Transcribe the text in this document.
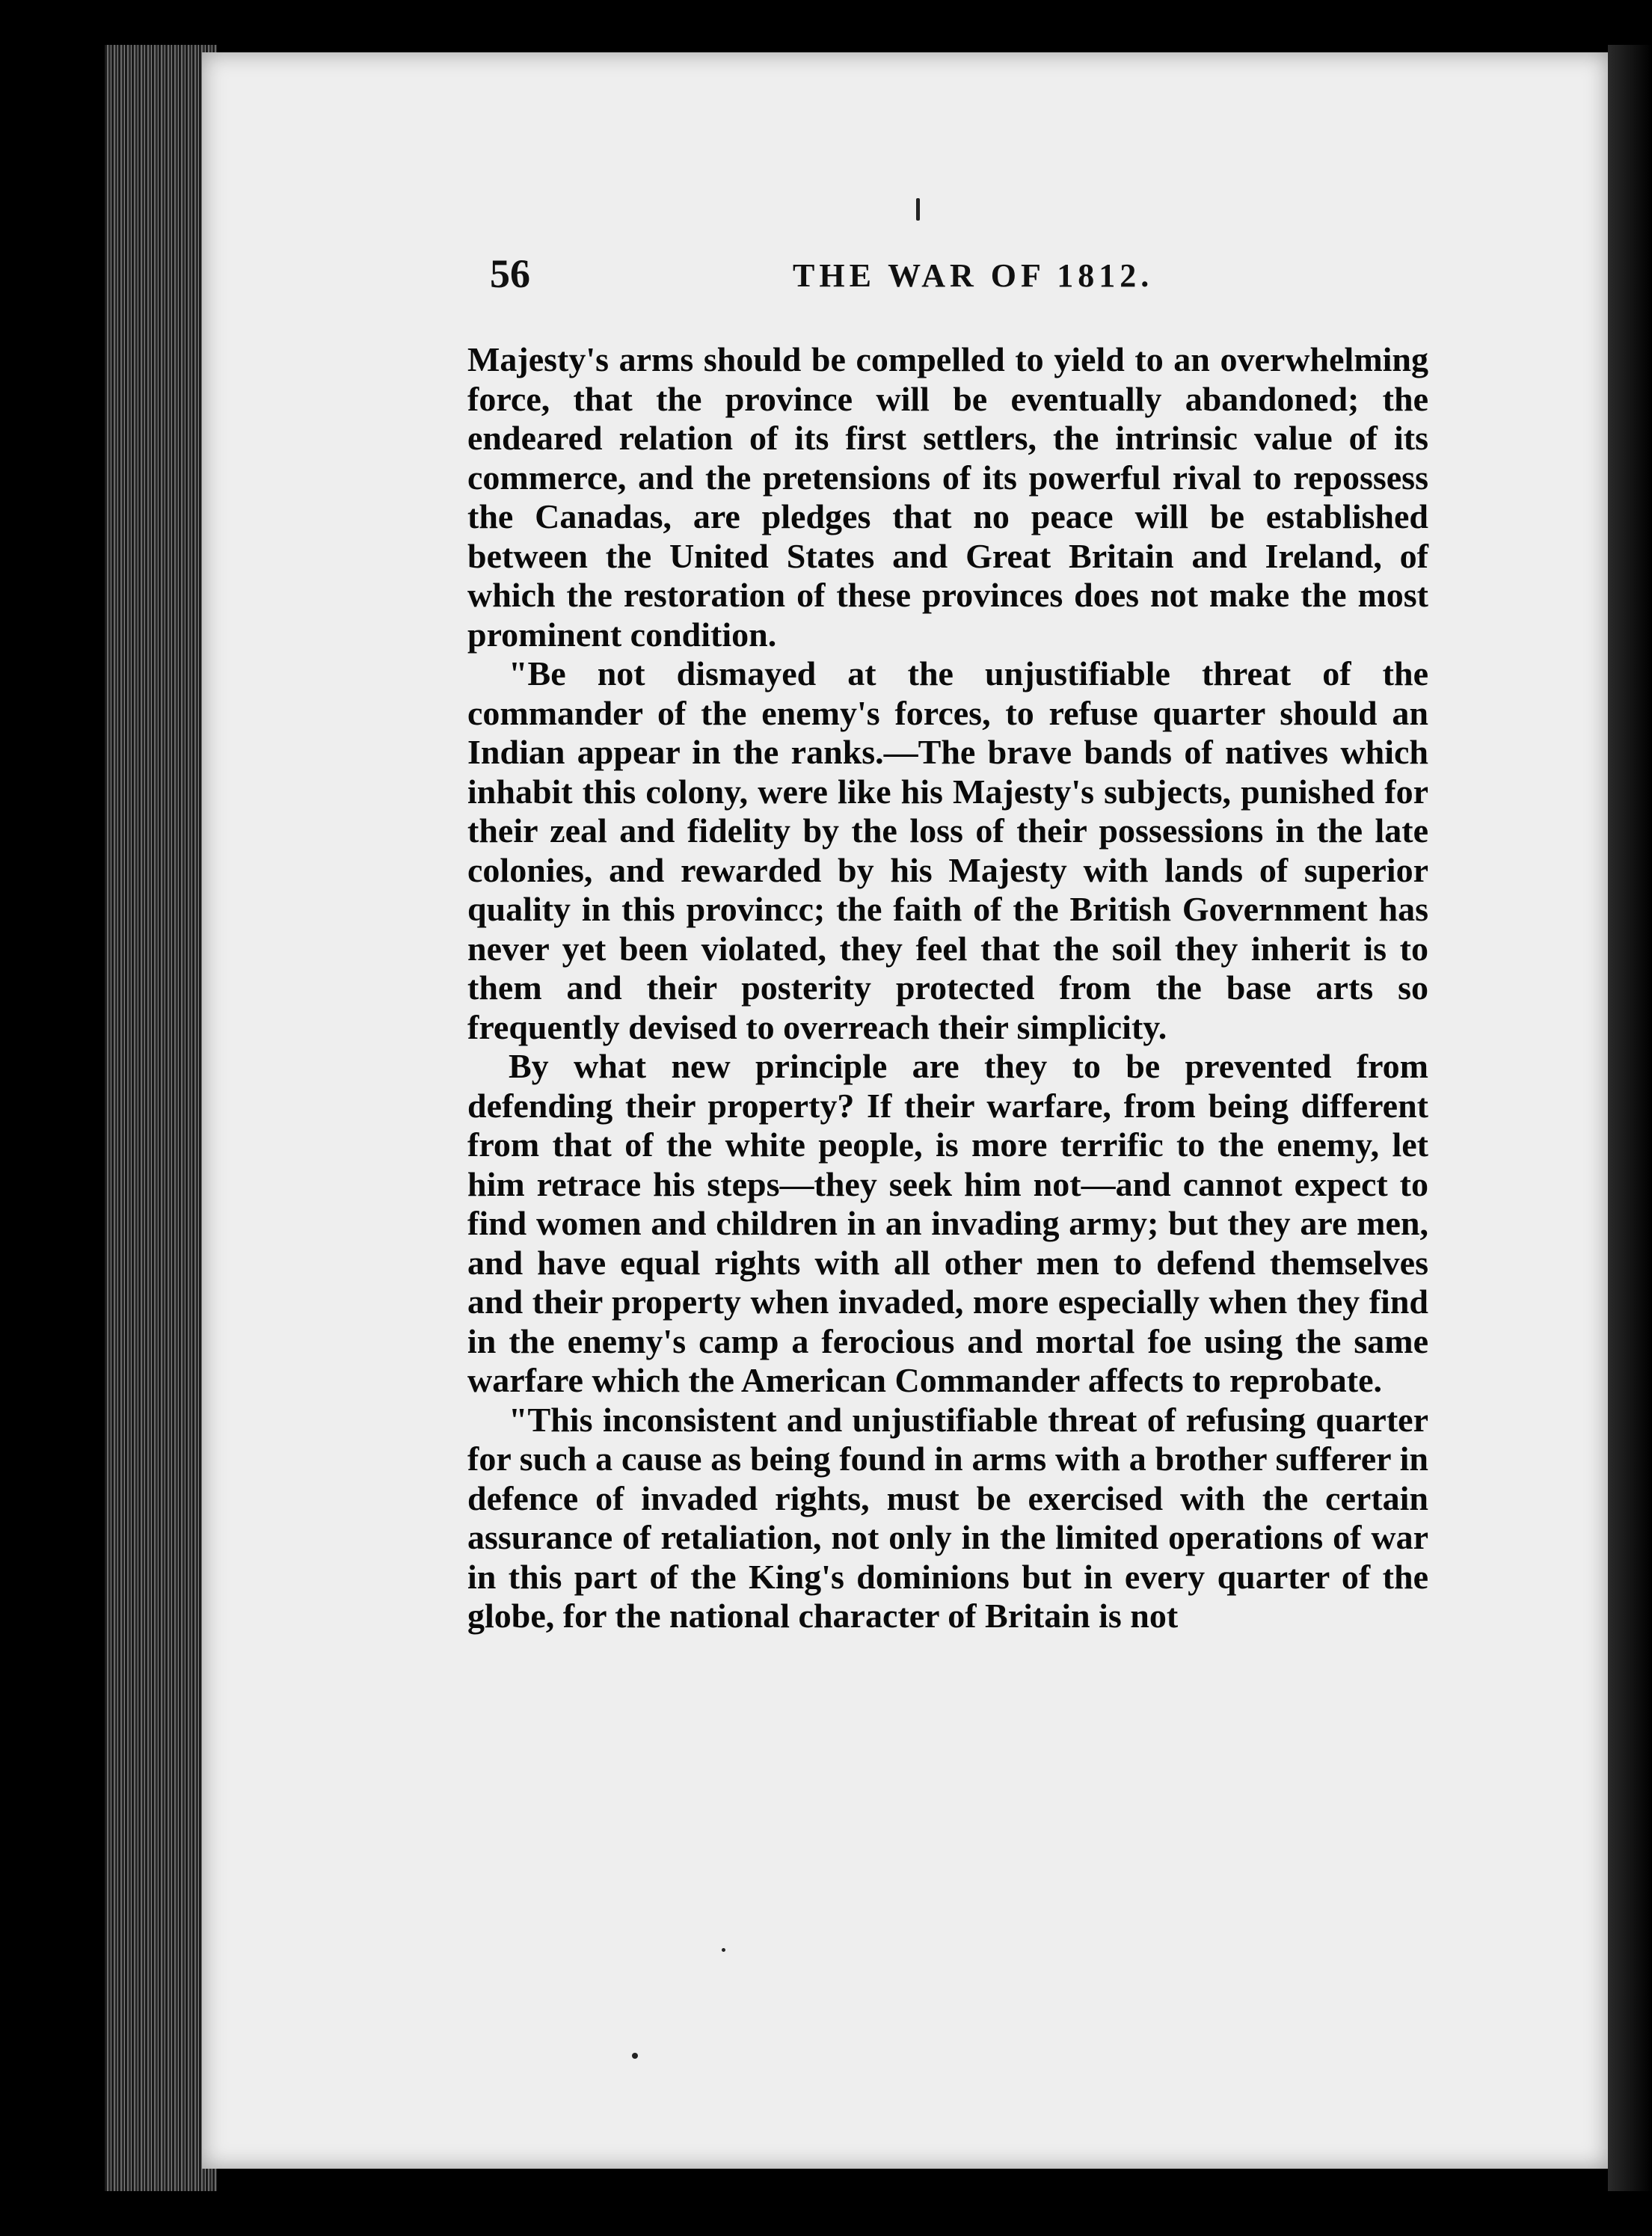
56	THE WAR OF 1812.

Majesty's arms should be compelled to yield to an overwhelming force, that the province will be eventually abandoned; the endeared relation of its first settlers, the intrinsic value of its commerce, and the pretensions of its powerful rival to repossess the Canadas, are pledges that no peace will be established between the United States and Great Britain and Ireland, of which the restoration of these provinces does not make the most prominent condition.

"Be not dismayed at the unjustifiable threat of the commander of the enemy's forces, to refuse quarter should an Indian appear in the ranks.—The brave bands of natives which inhabit this colony, were like his Majesty's subjects, punished for their zeal and fidelity by the loss of their possessions in the late colonies, and rewarded by his Majesty with lands of superior quality in this provincc; the faith of the British Government has never yet been violated, they feel that the soil they inherit is to them and their posterity protected from the base arts so frequently devised to overreach their simplicity.

By what new principle are they to be prevented from defending their property? If their warfare, from being different from that of the white people, is more terrific to the enemy, let him retrace his steps—they seek him not—and cannot expect to find women and children in an invading army; but they are men, and have equal rights with all other men to defend themselves and their property when invaded, more especially when they find in the enemy's camp a ferocious and mortal foe using the same warfare which the American Commander affects to reprobate.

"This inconsistent and unjustifiable threat of refusing quarter for such a cause as being found in arms with a brother sufferer in defence of invaded rights, must be exercised with the certain assurance of retaliation, not only in the limited operations of war in this part of the King's dominions but in every quarter of the globe, for the national character of Britain is not
